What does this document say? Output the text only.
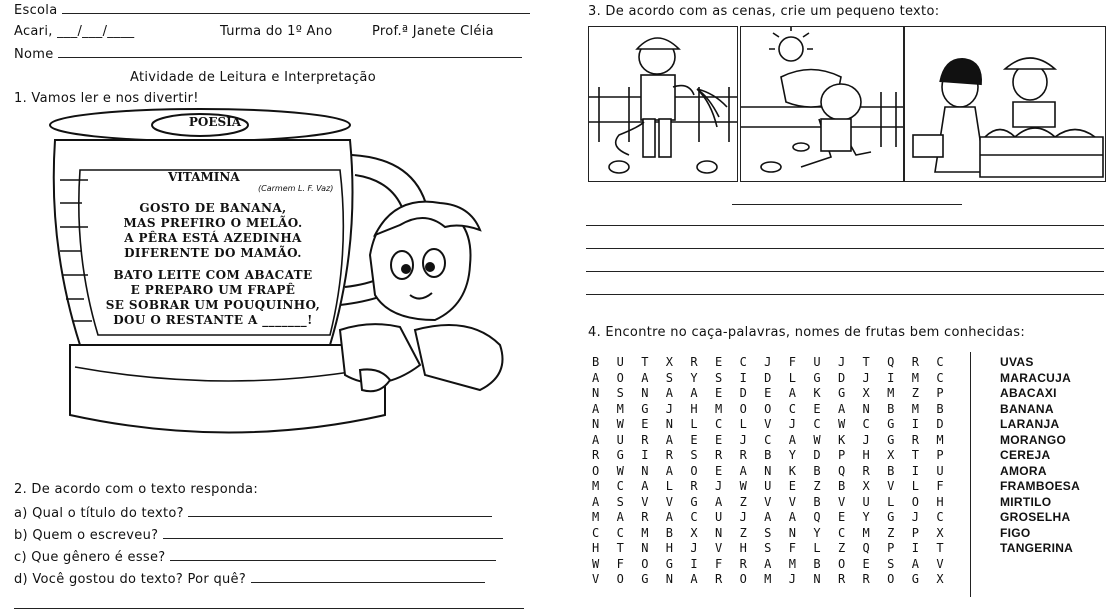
Escola
Acari, ___/___/____	Turma do 1º Ano	Prof.ª Janete Cléia
Nome
Atividade de Leitura e Interpretação
1. Vamos ler e nos divertir!
POESIA
VITAMINA
(Carmem L. F. Vaz)
GOSTO DE BANANA,
MAS PREFIRO O MELÃO.
A PÊRA ESTÁ AZEDINHA
DIFERENTE DO MAMÃO.
BATO LEITE COM ABACATE
E PREPARO UM FRAPÊ
SE SOBRAR UM POUQUINHO,
DOU O RESTANTE A _______!
2. De acordo com o texto responda:
a) Qual o título do texto?
b) Quem o escreveu?
c) Que gênero é esse?
d) Você gostou do texto? Por quê?
3. De acordo com as cenas, crie um pequeno texto:
4. Encontre no caça-palavras, nomes de frutas bem conhecidas:
B	U	T	X	R	E	C	J	F	U	J	T	Q	R	C
A	O	A	S	Y	S	I	D	L	G	D	J	I	M	C
N	S	N	A	A	E	D	E	A	K	G	X	M	Z	P
A	M	G	J	H	M	O	O	C	E	A	N	B	M	B
N	W	E	N	L	C	L	V	J	C	W	C	G	I	D
A	U	R	A	E	E	J	C	A	W	K	J	G	R	M
R	G	I	R	S	R	R	B	Y	D	P	H	X	T	P
O	W	N	A	O	E	A	N	K	B	Q	R	B	I	U
M	C	A	L	R	J	W	U	E	Z	B	X	V	L	F
A	S	V	V	G	A	Z	V	V	B	V	U	L	O	H
M	A	R	A	C	U	J	A	A	Q	E	Y	G	J	C
C	C	M	B	X	N	Z	S	N	Y	C	M	Z	P	X
H	T	N	H	J	V	H	S	F	L	Z	Q	P	I	T
W	F	O	G	I	F	R	A	M	B	O	E	S	A	V
V	O	G	N	A	R	O	M	J	N	R	R	O	G	X
UVAS
MARACUJA
ABACAXI
BANANA
LARANJA
MORANGO
CEREJA
AMORA
FRAMBOESA
MIRTILO
GROSELHA
FIGO
TANGERINA
